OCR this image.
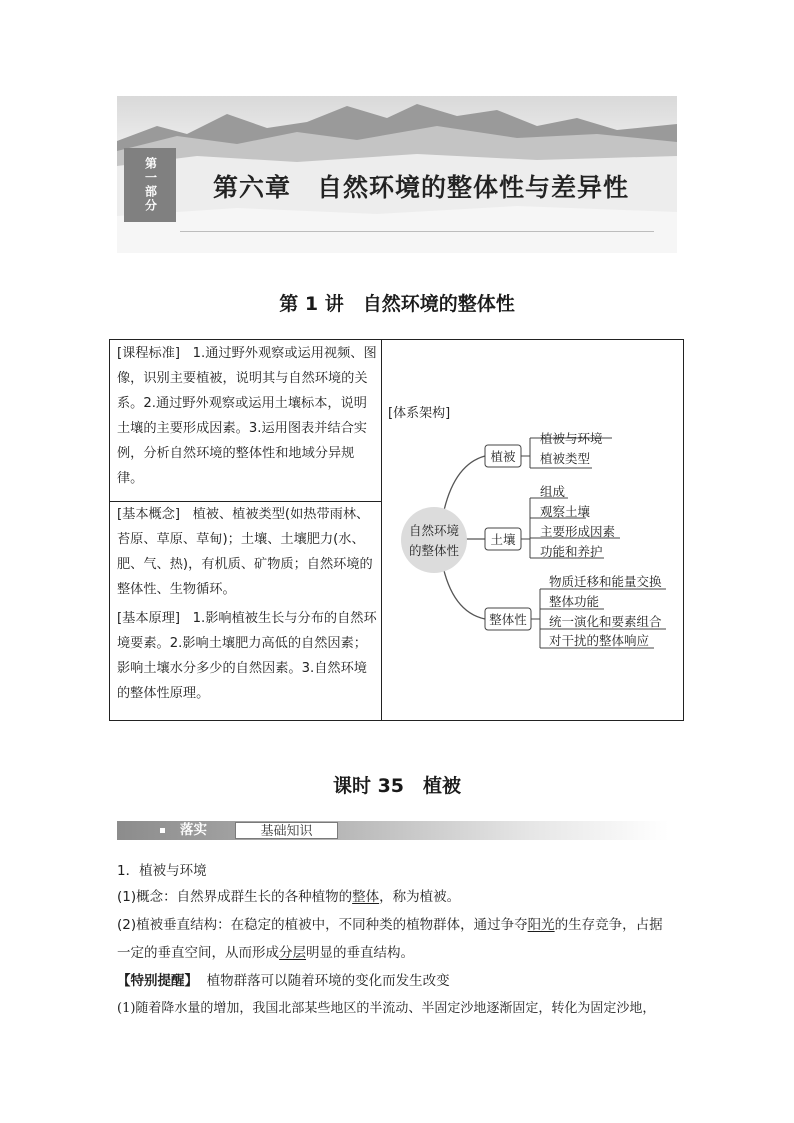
第一部分	第六章　自然环境的整体性与差异性
第 1 讲　自然环境的整体性
[课程标准] 1.通过野外观察或运用视频、图像，识别主要植被，说明其与自然环境的关系。2.通过野外观察或运用土壤标本，说明土壤的主要形成因素。3.运用图表并结合实例，分析自然环境的整体性和地域分异规律。
[基本概念] 植被、植被类型(如热带雨林、苔原、草原、草甸)；土壤、土壤肥力(水、肥、气、热)，有机质、矿物质；自然环境的整体性、生物循环。
[基本原理] 1.影响植被生长与分布的自然环境要素。2.影响土壤肥力高低的自然因素；影响土壤水分多少的自然因素。3.自然环境的整体性原理。
[体系架构]
自然环境
的整体性
植被
植被与环境
植被类型
土壤
组成
观察土壤
主要形成因素
功能和养护
整体性
物质迁移和能量交换
整体功能
统一演化和要素组合
对干扰的整体响应
课时 35　植被
落实	基础知识
1．植被与环境
(1)概念：自然界成群生长的各种植物的整体，称为植被。
(2)植被垂直结构：在稳定的植被中，不同种类的植物群体，通过争夺阳光的生存竞争，占据
一定的垂直空间，从而形成分层明显的垂直结构。
【特别提醒】 植物群落可以随着环境的变化而发生改变
(1)随着降水量的增加，我国北部某些地区的半流动、半固定沙地逐渐固定，转化为固定沙地，
